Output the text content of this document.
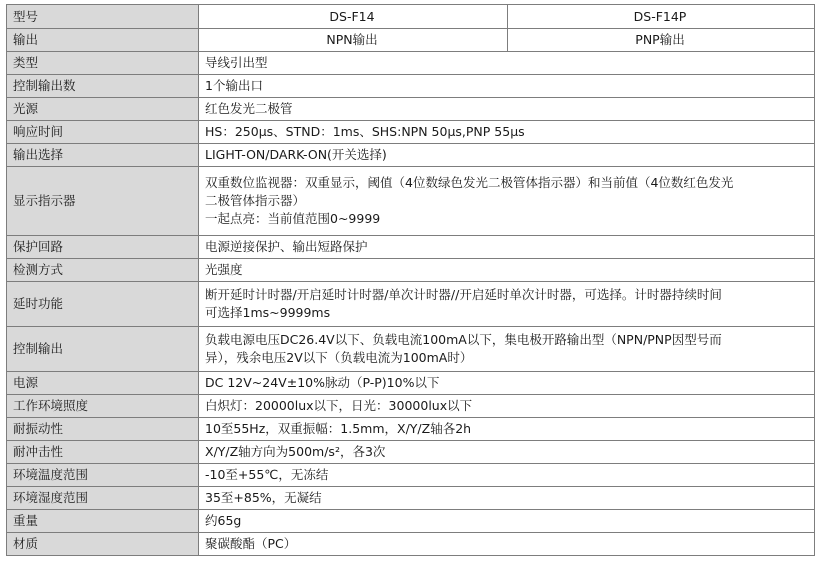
型号	DS-F14	DS-F14P
输出	NPN输出	PNP输出
类型	导线引出型	

控制输出数	1个输出口	

光源	红色发光二极管	

响应时间	HS：250μs、STND：1ms、SHS:NPN 50μs,PNP 55μs	

输出选择	LIGHT-ON/DARK-ON(开关选择)	

显示指示器	双重数位监视器：双重显示，阈值（4位数绿色发光二极管体指示器）和当前值（4位数红色发光
二极管体指示器）
一起点亮：当前值范围0~9999	

保护回路	电源逆接保护、输出短路保护	

检测方式	光强度	

延时功能	断开延时计时器/开启延时计时器/单次计时器//开启延时单次计时器，可选择。计时器持续时间
可选择1ms~9999ms	

控制输出	负载电源电压DC26.4V以下、负载电流100mA以下，集电极开路输出型（NPN/PNP因型号而
异），残余电压2V以下（负载电流为100mA时）	

电源	DC 12V~24V±10%脉动（P-P)10%以下	

工作环境照度	白炽灯：20000lux以下，日光：30000lux以下	

耐振动性	10至55Hz，双重振幅：1.5mm，X/Y/Z轴各2h	

耐冲击性	X/Y/Z轴方向为500m/s²，各3次	

环境温度范围	-10至+55℃，无冻结	

环境湿度范围	35至+85%，无凝结	

重量	约65g	

材质	聚碳酸酯（PC）	
